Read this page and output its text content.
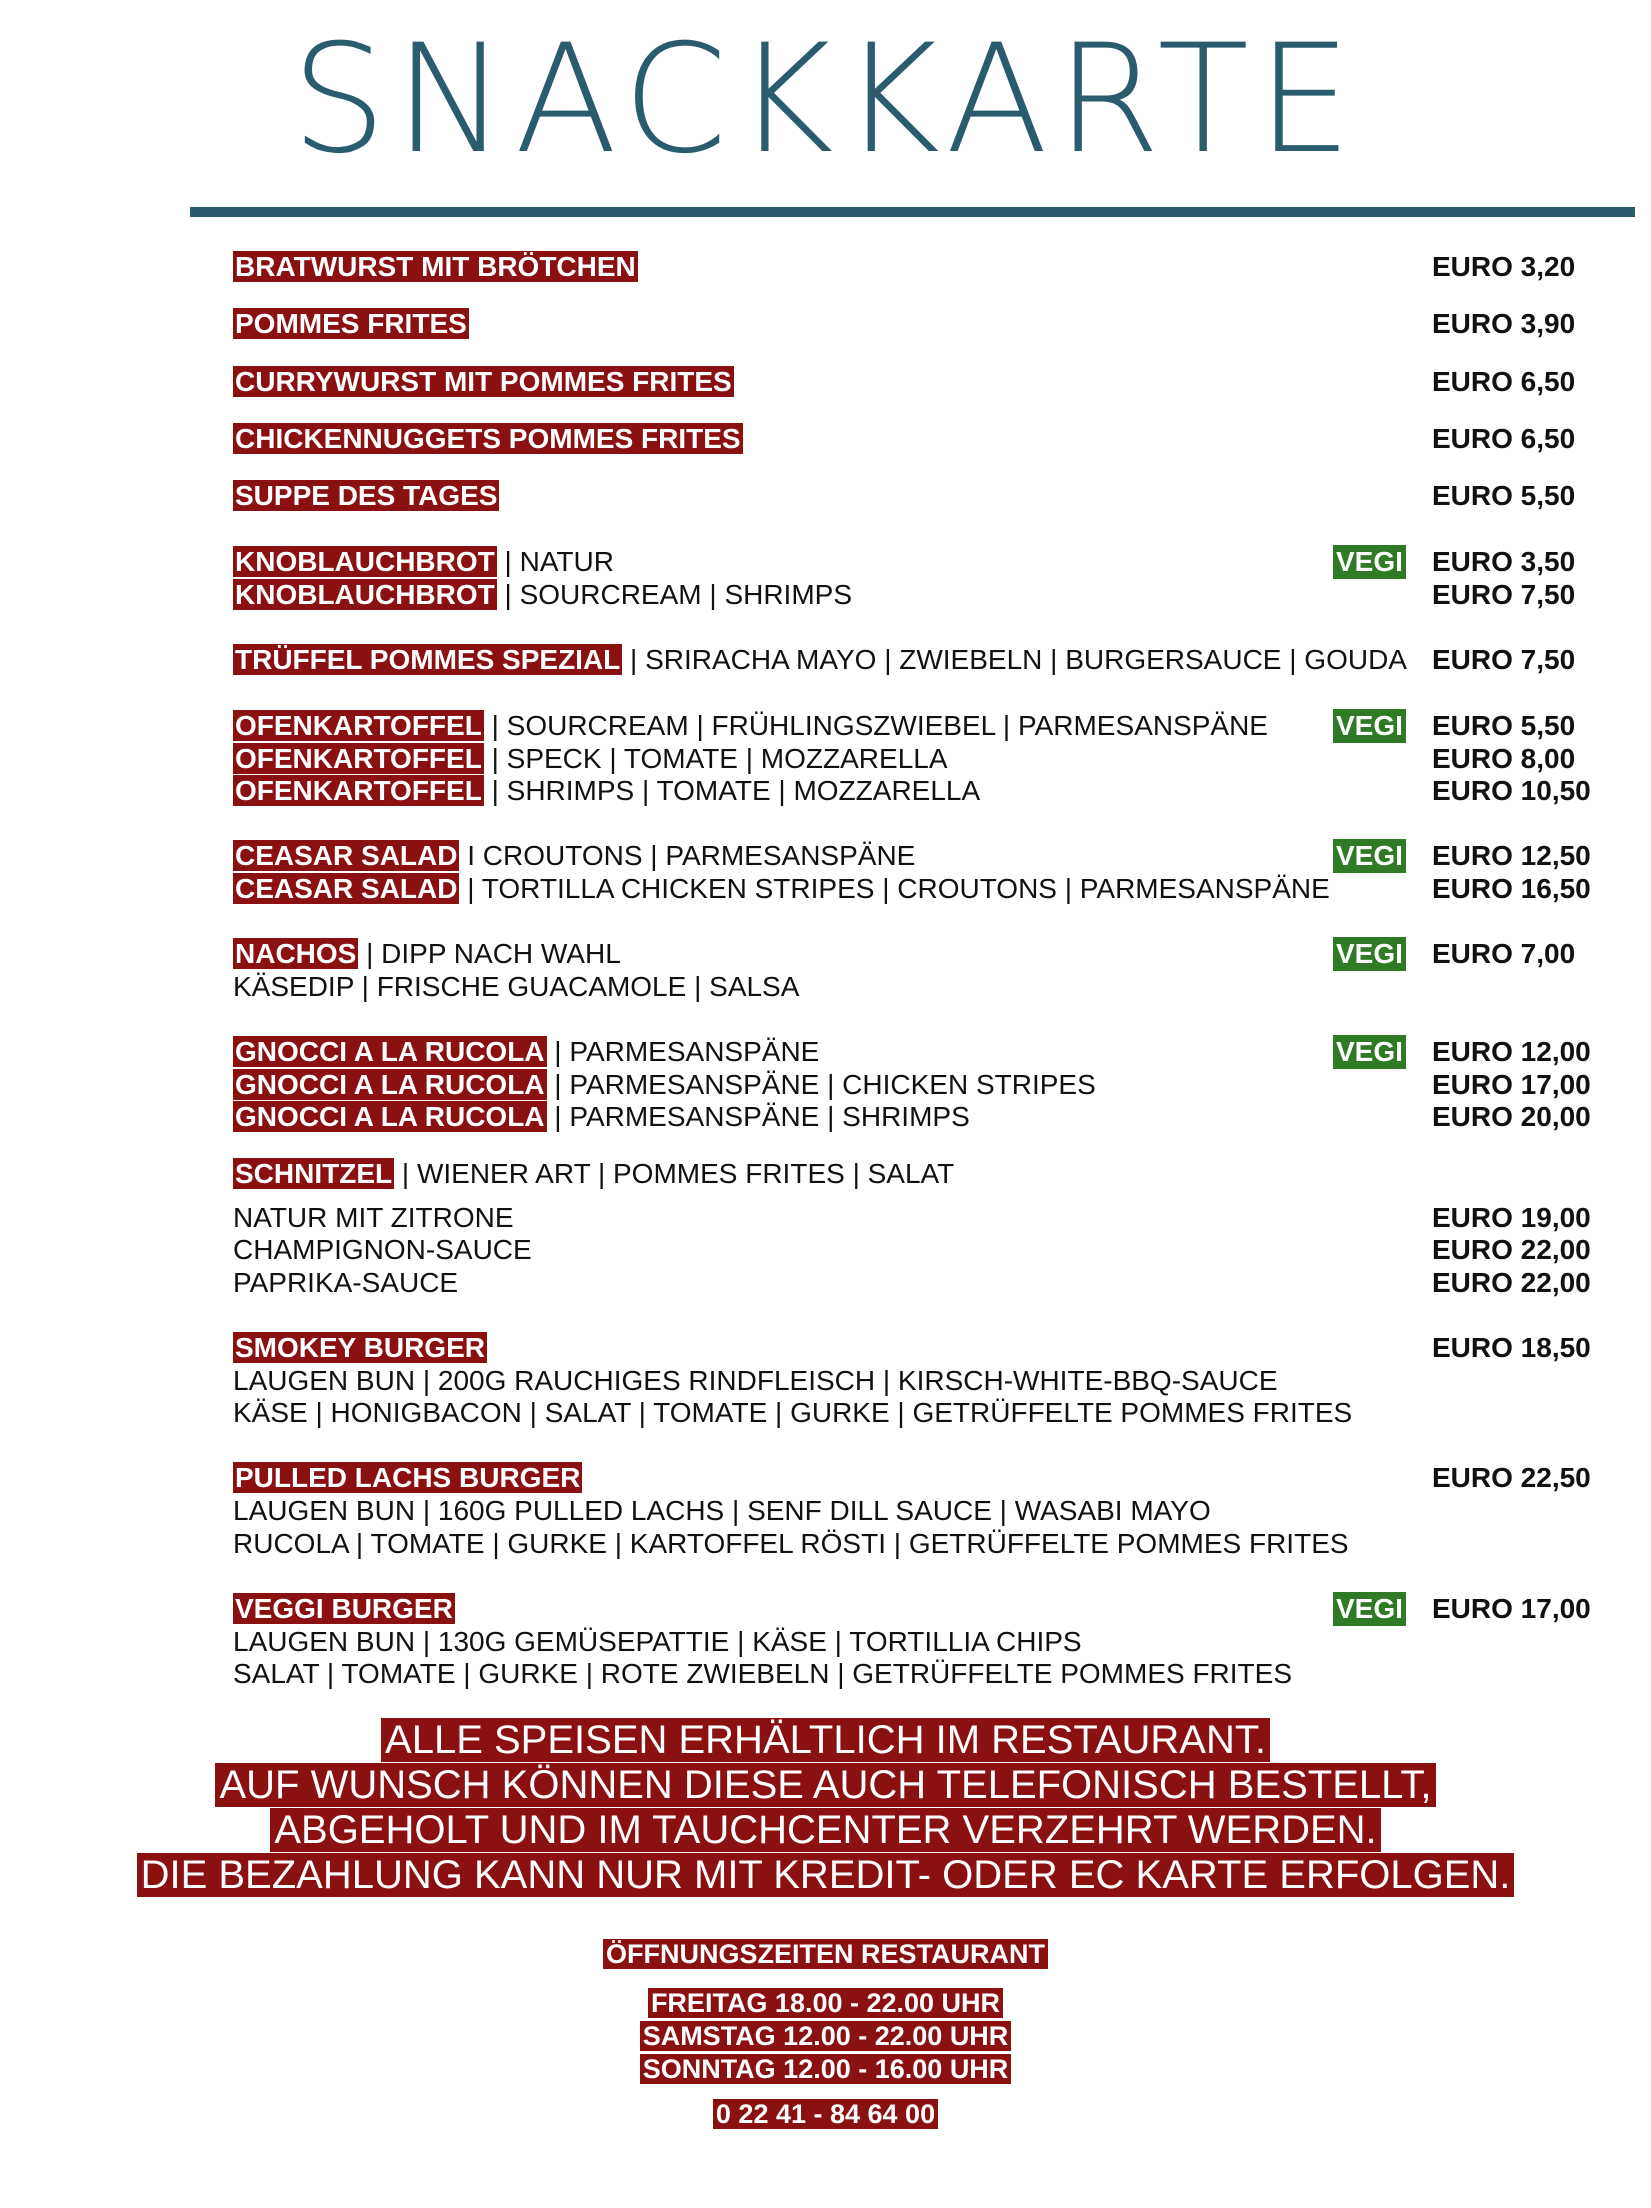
SNACKKARTE
BRATWURST MIT BRÖTCHEN	EURO 3,20
POMMES FRITES	EURO 3,90
CURRYWURST MIT POMMES FRITES	EURO 6,50
CHICKENNUGGETS POMMES FRITES	EURO 6,50
SUPPE DES TAGES	EURO 5,50
KNOBLAUCHBROT | NATUR	VEGI EURO 3,50
KNOBLAUCHBROT | SOURCREAM | SHRIMPS	EURO 7,50
TRÜFFEL POMMES SPEZIAL | SRIRACHA MAYO | ZWIEBELN | BURGERSAUCE | GOUDA EURO 7,50
OFENKARTOFFEL | SOURCREAM | FRÜHLINGSZWIEBEL | PARMESANSPÄNE VEGI EURO 5,50
OFENKARTOFFEL | SPECK | TOMATE | MOZZARELLA	EURO 8,00
OFENKARTOFFEL | SHRIMPS | TOMATE | MOZZARELLA	EURO 10,50
CEASAR SALAD I CROUTONS | PARMESANSPÄNE	VEGI EURO 12,50
CEASAR SALAD | TORTILLA CHICKEN STRIPES | CROUTONS | PARMESANSPÄNE	EURO 16,50
NACHOS | DIPP NACH WAHL	VEGI EURO 7,00
KÄSEDIP | FRISCHE GUACAMOLE | SALSA
GNOCCI A LA RUCOLA | PARMESANSPÄNE	VEGI EURO 12,00
GNOCCI A LA RUCOLA | PARMESANSPÄNE | CHICKEN STRIPES	EURO 17,00
GNOCCI A LA RUCOLA | PARMESANSPÄNE | SHRIMPS	EURO 20,00
SCHNITZEL | WIENER ART | POMMES FRITES | SALAT
NATUR MIT ZITRONE	EURO 19,00
CHAMPIGNON-SAUCE	EURO 22,00
PAPRIKA-SAUCE	EURO 22,00
SMOKEY BURGER	EURO 18,50
LAUGEN BUN | 200G RAUCHIGES RINDFLEISCH | KIRSCH-WHITE-BBQ-SAUCE
KÄSE | HONIGBACON | SALAT | TOMATE | GURKE | GETRÜFFELTE POMMES FRITES
PULLED LACHS BURGER	EURO 22,50
LAUGEN BUN | 160G PULLED LACHS | SENF DILL SAUCE | WASABI MAYO
RUCOLA | TOMATE | GURKE | KARTOFFEL RÖSTI | GETRÜFFELTE POMMES FRITES
VEGGI BURGER	VEGI EURO 17,00
LAUGEN BUN | 130G GEMÜSEPATTIE | KÄSE | TORTILLIA CHIPS
SALAT | TOMATE | GURKE | ROTE ZWIEBELN | GETRÜFFELTE POMMES FRITES
ALLE SPEISEN ERHÄLTLICH IM RESTAURANT.
AUF WUNSCH KÖNNEN DIESE AUCH TELEFONISCH BESTELLT,
ABGEHOLT UND IM TAUCHCENTER VERZEHRT WERDEN.
DIE BEZAHLUNG KANN NUR MIT KREDIT- ODER EC KARTE ERFOLGEN.
ÖFFNUNGSZEITEN RESTAURANT
FREITAG 18.00 - 22.00 UHR
SAMSTAG 12.00 - 22.00 UHR
SONNTAG 12.00 - 16.00 UHR
0 22 41 - 84 64 00
